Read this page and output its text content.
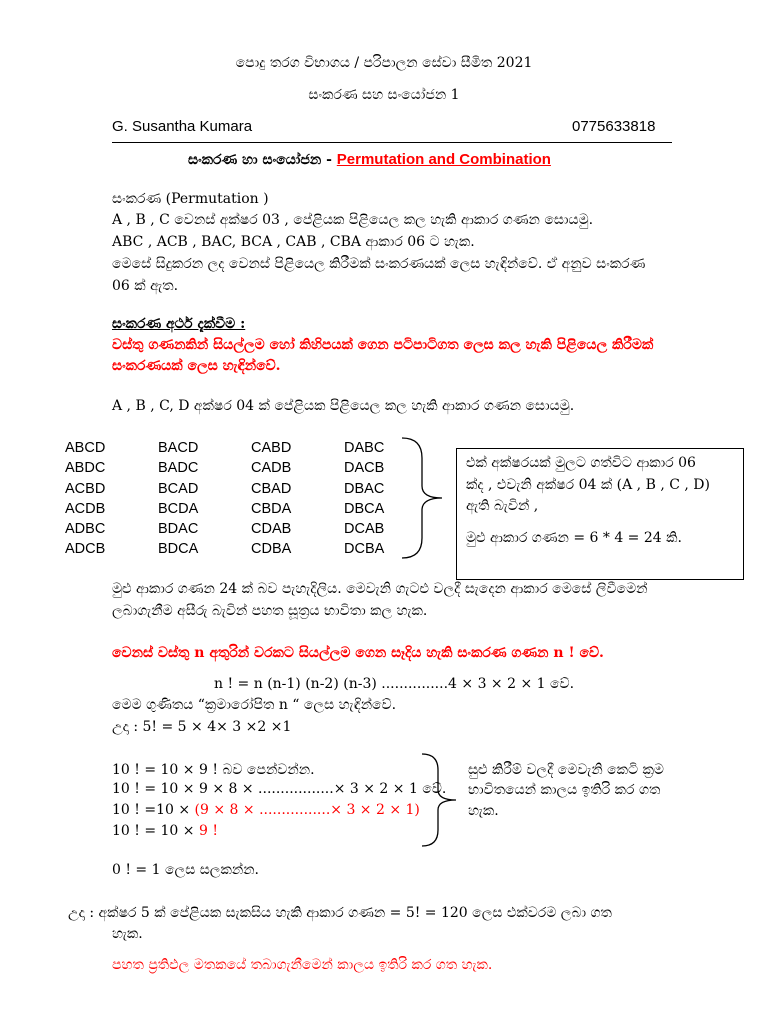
පොදු තරග විභාගය / පරිපාලන සේවා සීමිත 2021
සංකරණ සහ සංයෝජන 1
G. Susantha Kumara	0775633818
සංකරණ හා සංයෝජන - Permutation and Combination
සංකරණ (Permutation )
A , B , C වෙනස් අක්ෂර 03 , පේළියක පිළියෙල කල හැකි ආකාර ගණන සොයමු.
ABC , ACB , BAC, BCA , CAB , CBA ආකාර 06 ට හැක.
මෙසේ සිදුකරන ලද වෙනස් පිළියෙල කිරීමක් සංකරණයක් ලෙස හැඳින්වේ. ඒ අනුව සංකරණ
06 ක් ඇත.
සංකරණ අර්ථ දැක්වීම :
වස්තු ගණනකින් සියල්ලම හෝ කිහිපයක් ගෙන පටිපාටිගත ලෙස කල හැකි පිළියෙල කිරීමක්
සංකරණයක් ලෙස හැඳින්වේ.
A , B , C, D අක්ෂර 04 ක් පේළියක පිළියෙල කල හැකි ආකාර ගණන සොයමු.
ABCD
ABDC
ACBD
ACDB
ADBC
ADCB
BACD
BADC
BCAD
BCDA
BDAC
BDCA
CABD
CADB
CBAD
CBDA
CDAB
CDBA
DABC
DACB
DBAC
DBCA
DCAB
DCBA
එක් අක්ෂරයක් මුලට ගත්විට ආකාර 06
ක්ද , එවැනි අක්ෂර 04 ක් (A , B , C , D)
ඇති බැවින් ,
මුළු ආකාර ගණන = 6 * 4 = 24 කි.
මුළු ආකාර ගණන 24 ක් බව පැහැදිලිය. මෙවැනි ගැටළු වලදී සැදෙන ආකාර මෙසේ ලිවීමෙන්
ලබාගැනීම අසීරු බැවින් පහත සූත්‍රය භාවිතා කල හැක.
වෙනස් වස්තු n අතුරින් වරකට සියල්ලම ගෙන සෑදිය හැකි සංකරණ ගණන n ! වේ.
n ! = n (n-1) (n-2) (n-3) ...............4 × 3 × 2 × 1 වේ.
මෙම ගුණිතය “ක්‍රමාරෝපිත n “ ලෙස හැඳින්වේ.
උදා : 5! = 5 × 4× 3 ×2 ×1
10 ! = 10 × 9 ! බව පෙන්වන්න.
10 ! = 10 × 9 × 8 × .................× 3 × 2 × 1 වේ.
10 ! =10 × (9 × 8 × ................× 3 × 2 × 1)
10 ! = 10 × 9 !
සුළු කිරීම් වලදී මෙවැනි කෙටි ක්‍රම
භාවිතයෙන් කාලය ඉතිරි කර ගත
හැක.
0 ! = 1 ලෙස සලකන්න.
උදා : අක්ෂර 5 ක් පේළියක සැකසිය හැකි ආකාර ගණන = 5! = 120 ලෙස එක්වරම ලබා ගත
හැක.
පහත ප්‍රතිඵල මතකයේ තබාගැනීමෙන් කාලය ඉතිරි කර ගත හැක.
